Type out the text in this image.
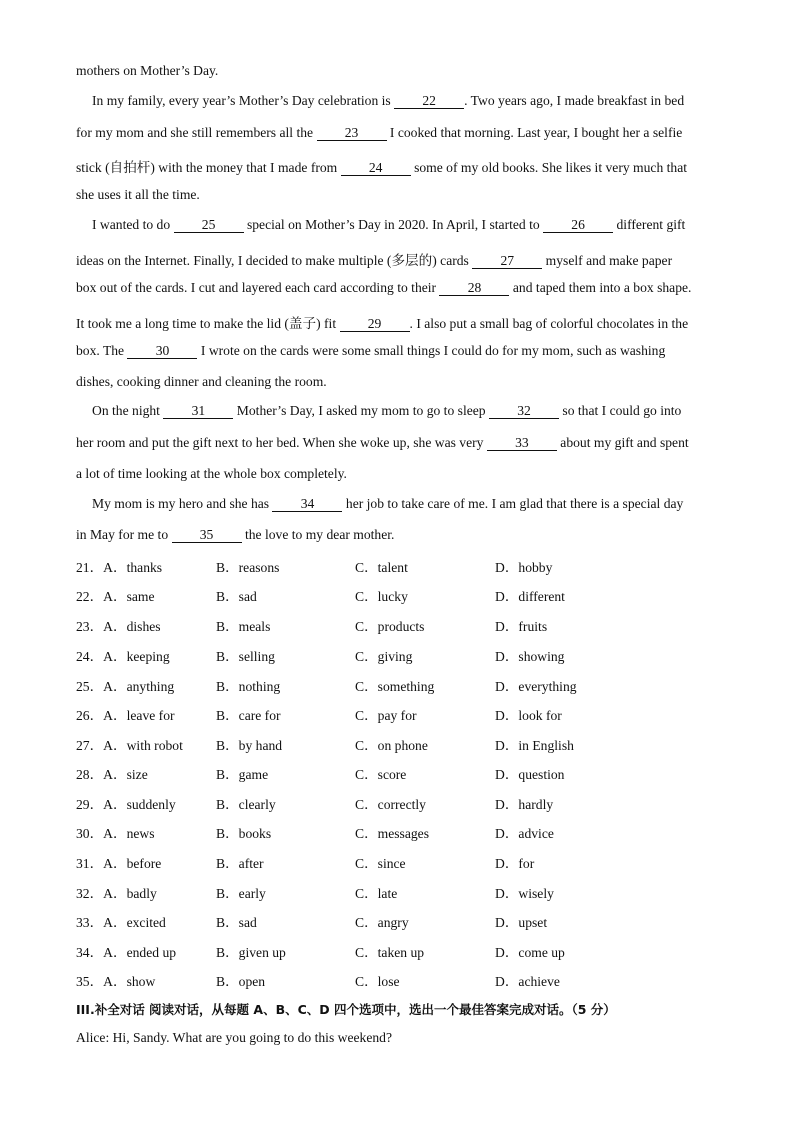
mothers on Mother’s Day.
In my family, every year’s Mother’s Day celebration is 22 . Two years ago, I made breakfast in bed
for my mom and she still remembers all the 23 I cooked that morning. Last year, I bought her a selfie
stick (自拍杆) with the money that I made from 24 some of my old books. She likes it very much that
she uses it all the time.
I wanted to do 25 special on Mother’s Day in 2020. In April, I started to 26 different gift
ideas on the Internet. Finally, I decided to make multiple (多层的) cards 27 myself and make paper
box out of the cards. I cut and layered each card according to their 28 and taped them into a box shape.
It took me a long time to make the lid (盖子) fit 29 . I also put a small bag of colorful chocolates in the
box. The 30 I wrote on the cards were some small things I could do for my mom, such as washing
dishes, cooking dinner and cleaning the room.
On the night 31 Mother’s Day, I asked my mom to go to sleep 32 so that I could go into
her room and put the gift next to her bed. When she woke up, she was very 33 about my gift and spent
a lot of time looking at the whole box completely.
My mom is my hero and she has 34 her job to take care of me. I am glad that there is a special day
in May for me to 35 the love to my dear mother.
21．A．thanks	B．reasons	C．talent	D．hobby
22．A．same	B．sad	C．lucky	D．different
23．A．dishes	B．meals	C．products	D．fruits
24．A．keeping	B．selling	C．giving	D．showing
25．A．anything	B．nothing	C．something	D．everything
26．A．leave for	B．care for	C．pay for	D．look for
27．A．with robot B．by hand	C．on phone	D．in English
28．A．size	B．game	C．score	D．question
29．A．suddenly	B．clearly	C．correctly	D．hardly
30．A．news	B．books	C．messages	D．advice
31．A．before	B．after	C．since	D．for
32．A．badly	B．early	C．late	D．wisely
33．A．excited	B．sad	C．angry	D．upset
34．A．ended up	B．given up	C．taken up	D．come up
35．A．show	B．open	C．lose	D．achieve
III.补全对话 阅读对话，从每题 A、B、C、D 四个选项中，选出一个最佳答案完成对话。（5 分）
Alice: Hi, Sandy. What are you going to do this weekend?
